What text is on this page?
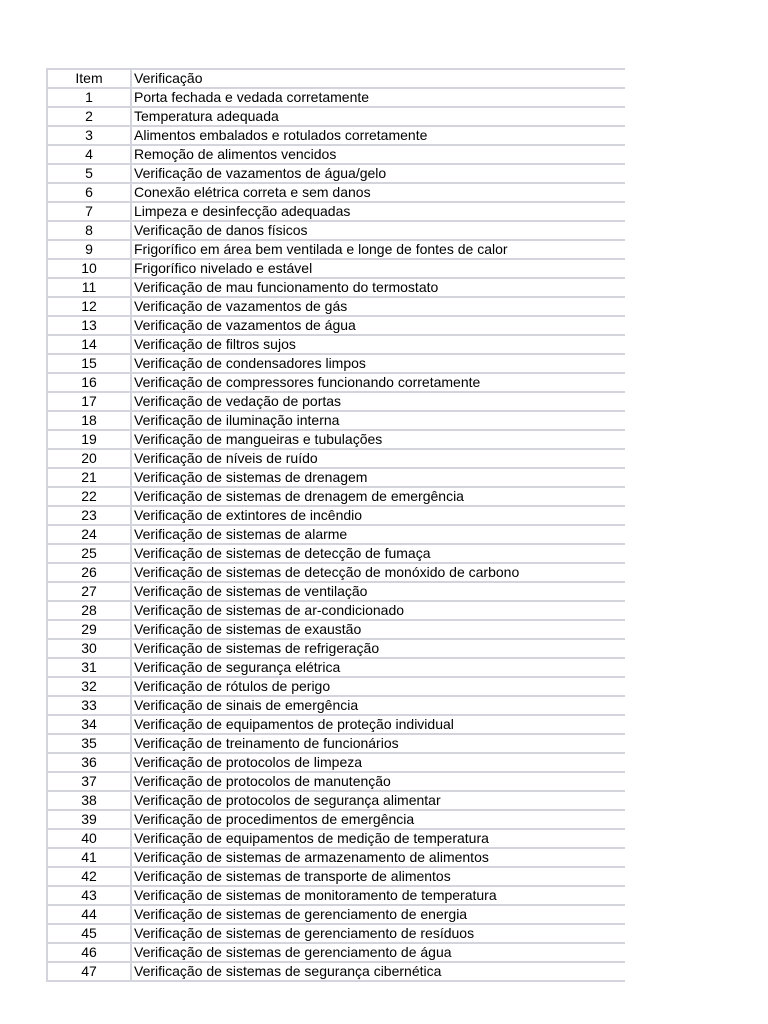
Item	Verificação
1	Porta fechada e vedada corretamente
2	Temperatura adequada
3	Alimentos embalados e rotulados corretamente
4	Remoção de alimentos vencidos
5	Verificação de vazamentos de água/gelo
6	Conexão elétrica correta e sem danos
7	Limpeza e desinfecção adequadas
8	Verificação de danos físicos
9	Frigorífico em área bem ventilada e longe de fontes de calor
10	Frigorífico nivelado e estável
11	Verificação de mau funcionamento do termostato
12	Verificação de vazamentos de gás
13	Verificação de vazamentos de água
14	Verificação de filtros sujos
15	Verificação de condensadores limpos
16	Verificação de compressores funcionando corretamente
17	Verificação de vedação de portas
18	Verificação de iluminação interna
19	Verificação de mangueiras e tubulações
20	Verificação de níveis de ruído
21	Verificação de sistemas de drenagem
22	Verificação de sistemas de drenagem de emergência
23	Verificação de extintores de incêndio
24	Verificação de sistemas de alarme
25	Verificação de sistemas de detecção de fumaça
26	Verificação de sistemas de detecção de monóxido de carbono
27	Verificação de sistemas de ventilação
28	Verificação de sistemas de ar-condicionado
29	Verificação de sistemas de exaustão
30	Verificação de sistemas de refrigeração
31	Verificação de segurança elétrica
32	Verificação de rótulos de perigo
33	Verificação de sinais de emergência
34	Verificação de equipamentos de proteção individual
35	Verificação de treinamento de funcionários
36	Verificação de protocolos de limpeza
37	Verificação de protocolos de manutenção
38	Verificação de protocolos de segurança alimentar
39	Verificação de procedimentos de emergência
40	Verificação de equipamentos de medição de temperatura
41	Verificação de sistemas de armazenamento de alimentos
42	Verificação de sistemas de transporte de alimentos
43	Verificação de sistemas de monitoramento de temperatura
44	Verificação de sistemas de gerenciamento de energia
45	Verificação de sistemas de gerenciamento de resíduos
46	Verificação de sistemas de gerenciamento de água
47	Verificação de sistemas de segurança cibernética
